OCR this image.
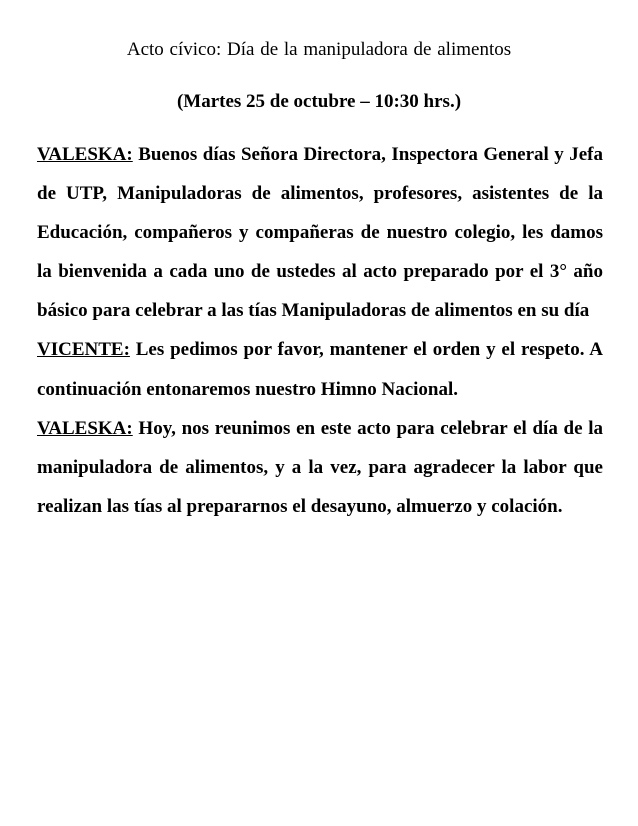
Acto cívico: Día de la manipuladora de alimentos

(Martes 25 de octubre – 10:30 hrs.)

VALESKA: Buenos días Señora Directora, Inspectora General y Jefa de UTP, Manipuladoras de alimentos, profesores, asistentes de la Educación, compañeros y compañeras de nuestro colegio, les damos la bienvenida a cada uno de ustedes al acto preparado por el 3° año básico para celebrar a las tías Manipuladoras de alimentos en su día

VICENTE: Les pedimos por favor, mantener el orden y el respeto. A continuación entonaremos nuestro Himno Nacional.

VALESKA: Hoy, nos reunimos en este acto para celebrar el día de la manipuladora de alimentos, y a la vez, para agradecer la labor que realizan las tías al prepararnos el desayuno, almuerzo y colación.
